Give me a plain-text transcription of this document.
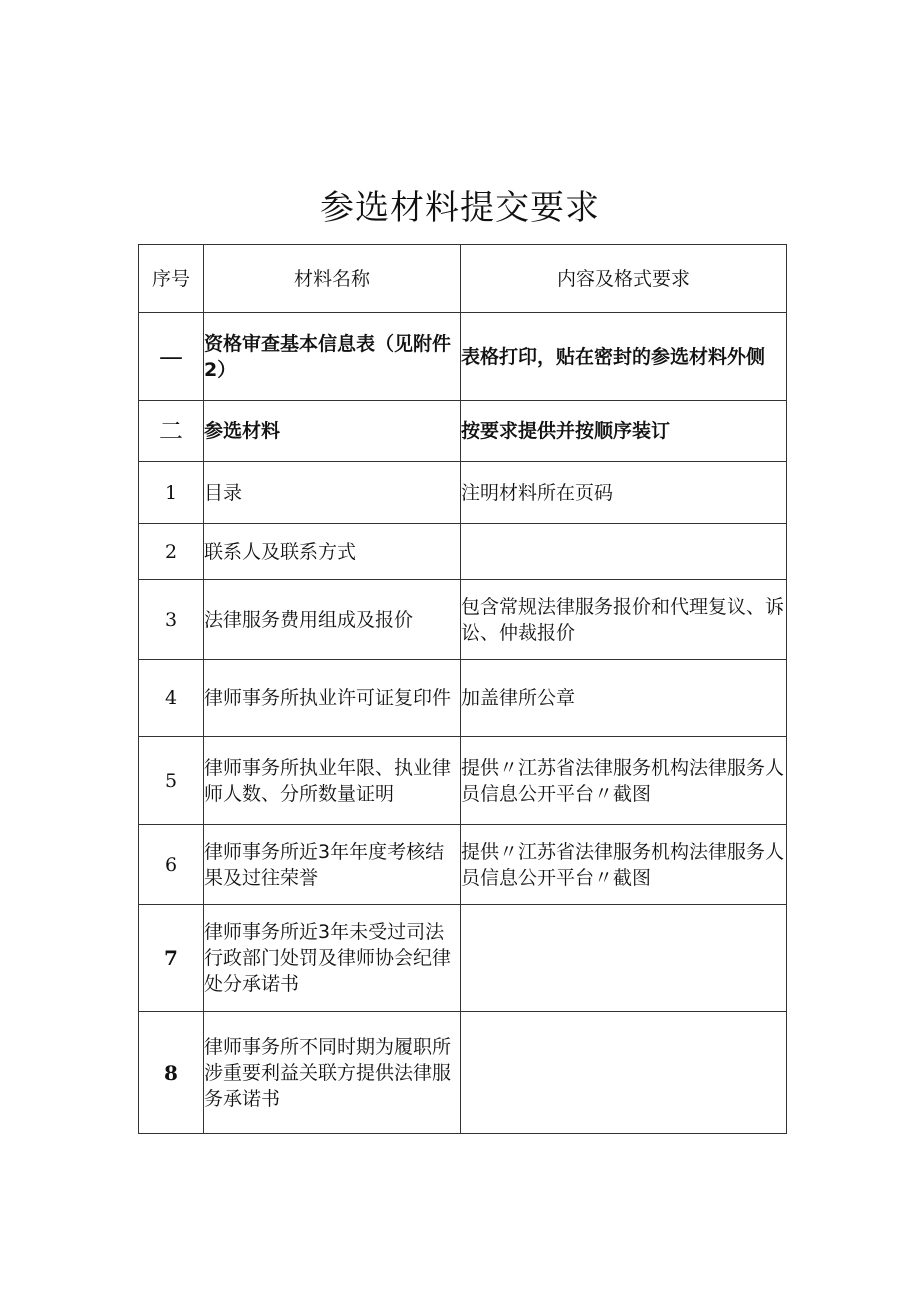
参选材料提交要求
序号	材料名称	内容及格式要求
—	资格审查基本信息表（见附件2）	表格打印，贴在密封的参选材料外侧
二	参选材料	按要求提供并按顺序装订
1	目录	注明材料所在页码
2	联系人及联系方式	
3	法律服务费用组成及报价	包含常规法律服务报价和代理复议、诉讼、仲裁报价
4	律师事务所执业许可证复印件	加盖律所公章
5	律师事务所执业年限、执业律师人数、分所数量证明	提供〃江苏省法律服务机构法律服务人员信息公开平台〃截图
6	律师事务所近3年年度考核结果及过往荣誉	提供〃江苏省法律服务机构法律服务人员信息公开平台〃截图
7	律师事务所近3年未受过司法行政部门处罚及律师协会纪律处分承诺书	
8	律师事务所不同时期为履职所涉重要利益关联方提供法律服务承诺书	
